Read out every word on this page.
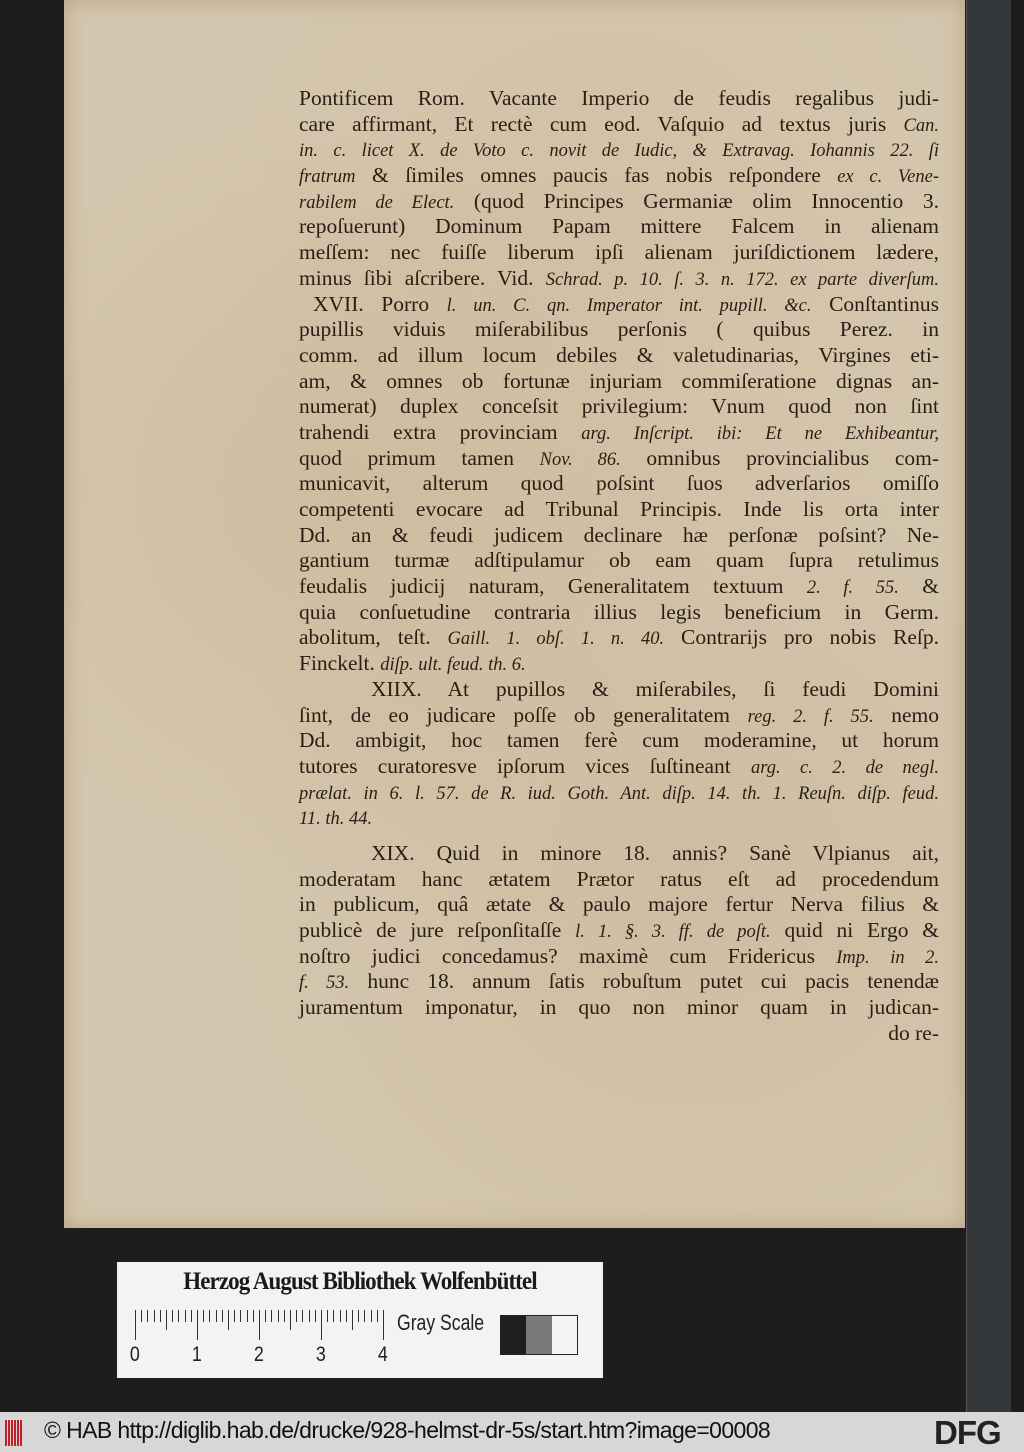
Pontificem Rom. Vacante Imperio de feudis regalibus judi-
care affirmant, Et rectè cum eod. Vaſquio ad textus juris Can.
in. c. licet X. de Voto c. novit de Iudic, & Extravag. Iohannis 22. ſi
fratrum & ſimiles omnes paucis fas nobis reſpondere ex c. Vene-
rabilem de Elect. (quod Principes Germaniæ olim Innocentio 3.
repoſuerunt) Dominum Papam mittere Falcem in alienam
meſſem: nec fuiſſe liberum ipſi alienam juriſdictionem lædere,
minus ſibi aſcribere. Vid. Schrad. p. 10. ſ. 3. n. 172. ex parte diverſum.
XVII. Porro l. un. C. qn. Imperator int. pupill. &c. Conſtantinus
pupillis viduis miſerabilibus perſonis ( quibus Perez. in
comm. ad illum locum debiles & valetudinarias, Virgines eti-
am, & omnes ob fortunæ injuriam commiſeratione dignas an-
numerat) duplex conceſsit privilegium: Vnum quod non ſint
trahendi extra provinciam arg. Inſcript. ibi: Et ne Exhibeantur,
quod primum tamen Nov. 86. omnibus provincialibus com-
municavit, alterum quod poſsint ſuos adverſarios omiſſo
competenti evocare ad Tribunal Principis. Inde lis orta inter
Dd. an & feudi judicem declinare hæ perſonæ poſsint? Ne-
gantium turmæ adſtipulamur ob eam quam ſupra retulimus
feudalis judicij naturam, Generalitatem textuum 2. f. 55. &
quia conſuetudine contraria illius legis beneficium in Germ.
abolitum, teſt. Gaill. 1. obſ. 1. n. 40. Contrarijs pro nobis Reſp.
Finckelt. diſp. ult. feud. th. 6.
XIIX. At pupillos & miſerabiles, ſi feudi Domini
ſint, de eo judicare poſſe ob generalitatem reg. 2. f. 55. nemo
Dd. ambigit, hoc tamen ferè cum moderamine, ut horum
tutores curatoresve ipſorum vices ſuſtineant arg. c. 2. de negl.
prælat. in 6. l. 57. de R. iud. Goth. Ant. diſp. 14. th. 1. Reuſn. diſp. feud.
11. th. 44.
XIX. Quid in minore 18. annis? Sanè Vlpianus ait,
moderatam hanc ætatem Prætor ratus eſt ad procedendum
in publicum, quâ ætate & paulo majore fertur Nerva filius &
publicè de jure reſponſitaſſe l. 1. §. 3. ff. de poſt. quid ni Ergo &
noſtro judici concedamus? maximè cum Fridericus Imp. in 2.
f. 53. hunc 18. annum ſatis robuſtum putet cui pacis tenendæ
juramentum imponatur, in quo non minor quam in judican-
do re-
Herzog August Bibliothek Wolfenbüttel
0 1 2 3 4
Gray Scale
© HAB http://diglib.hab.de/drucke/928-helmst-dr-5s/start.htm?image=00008	DFG
